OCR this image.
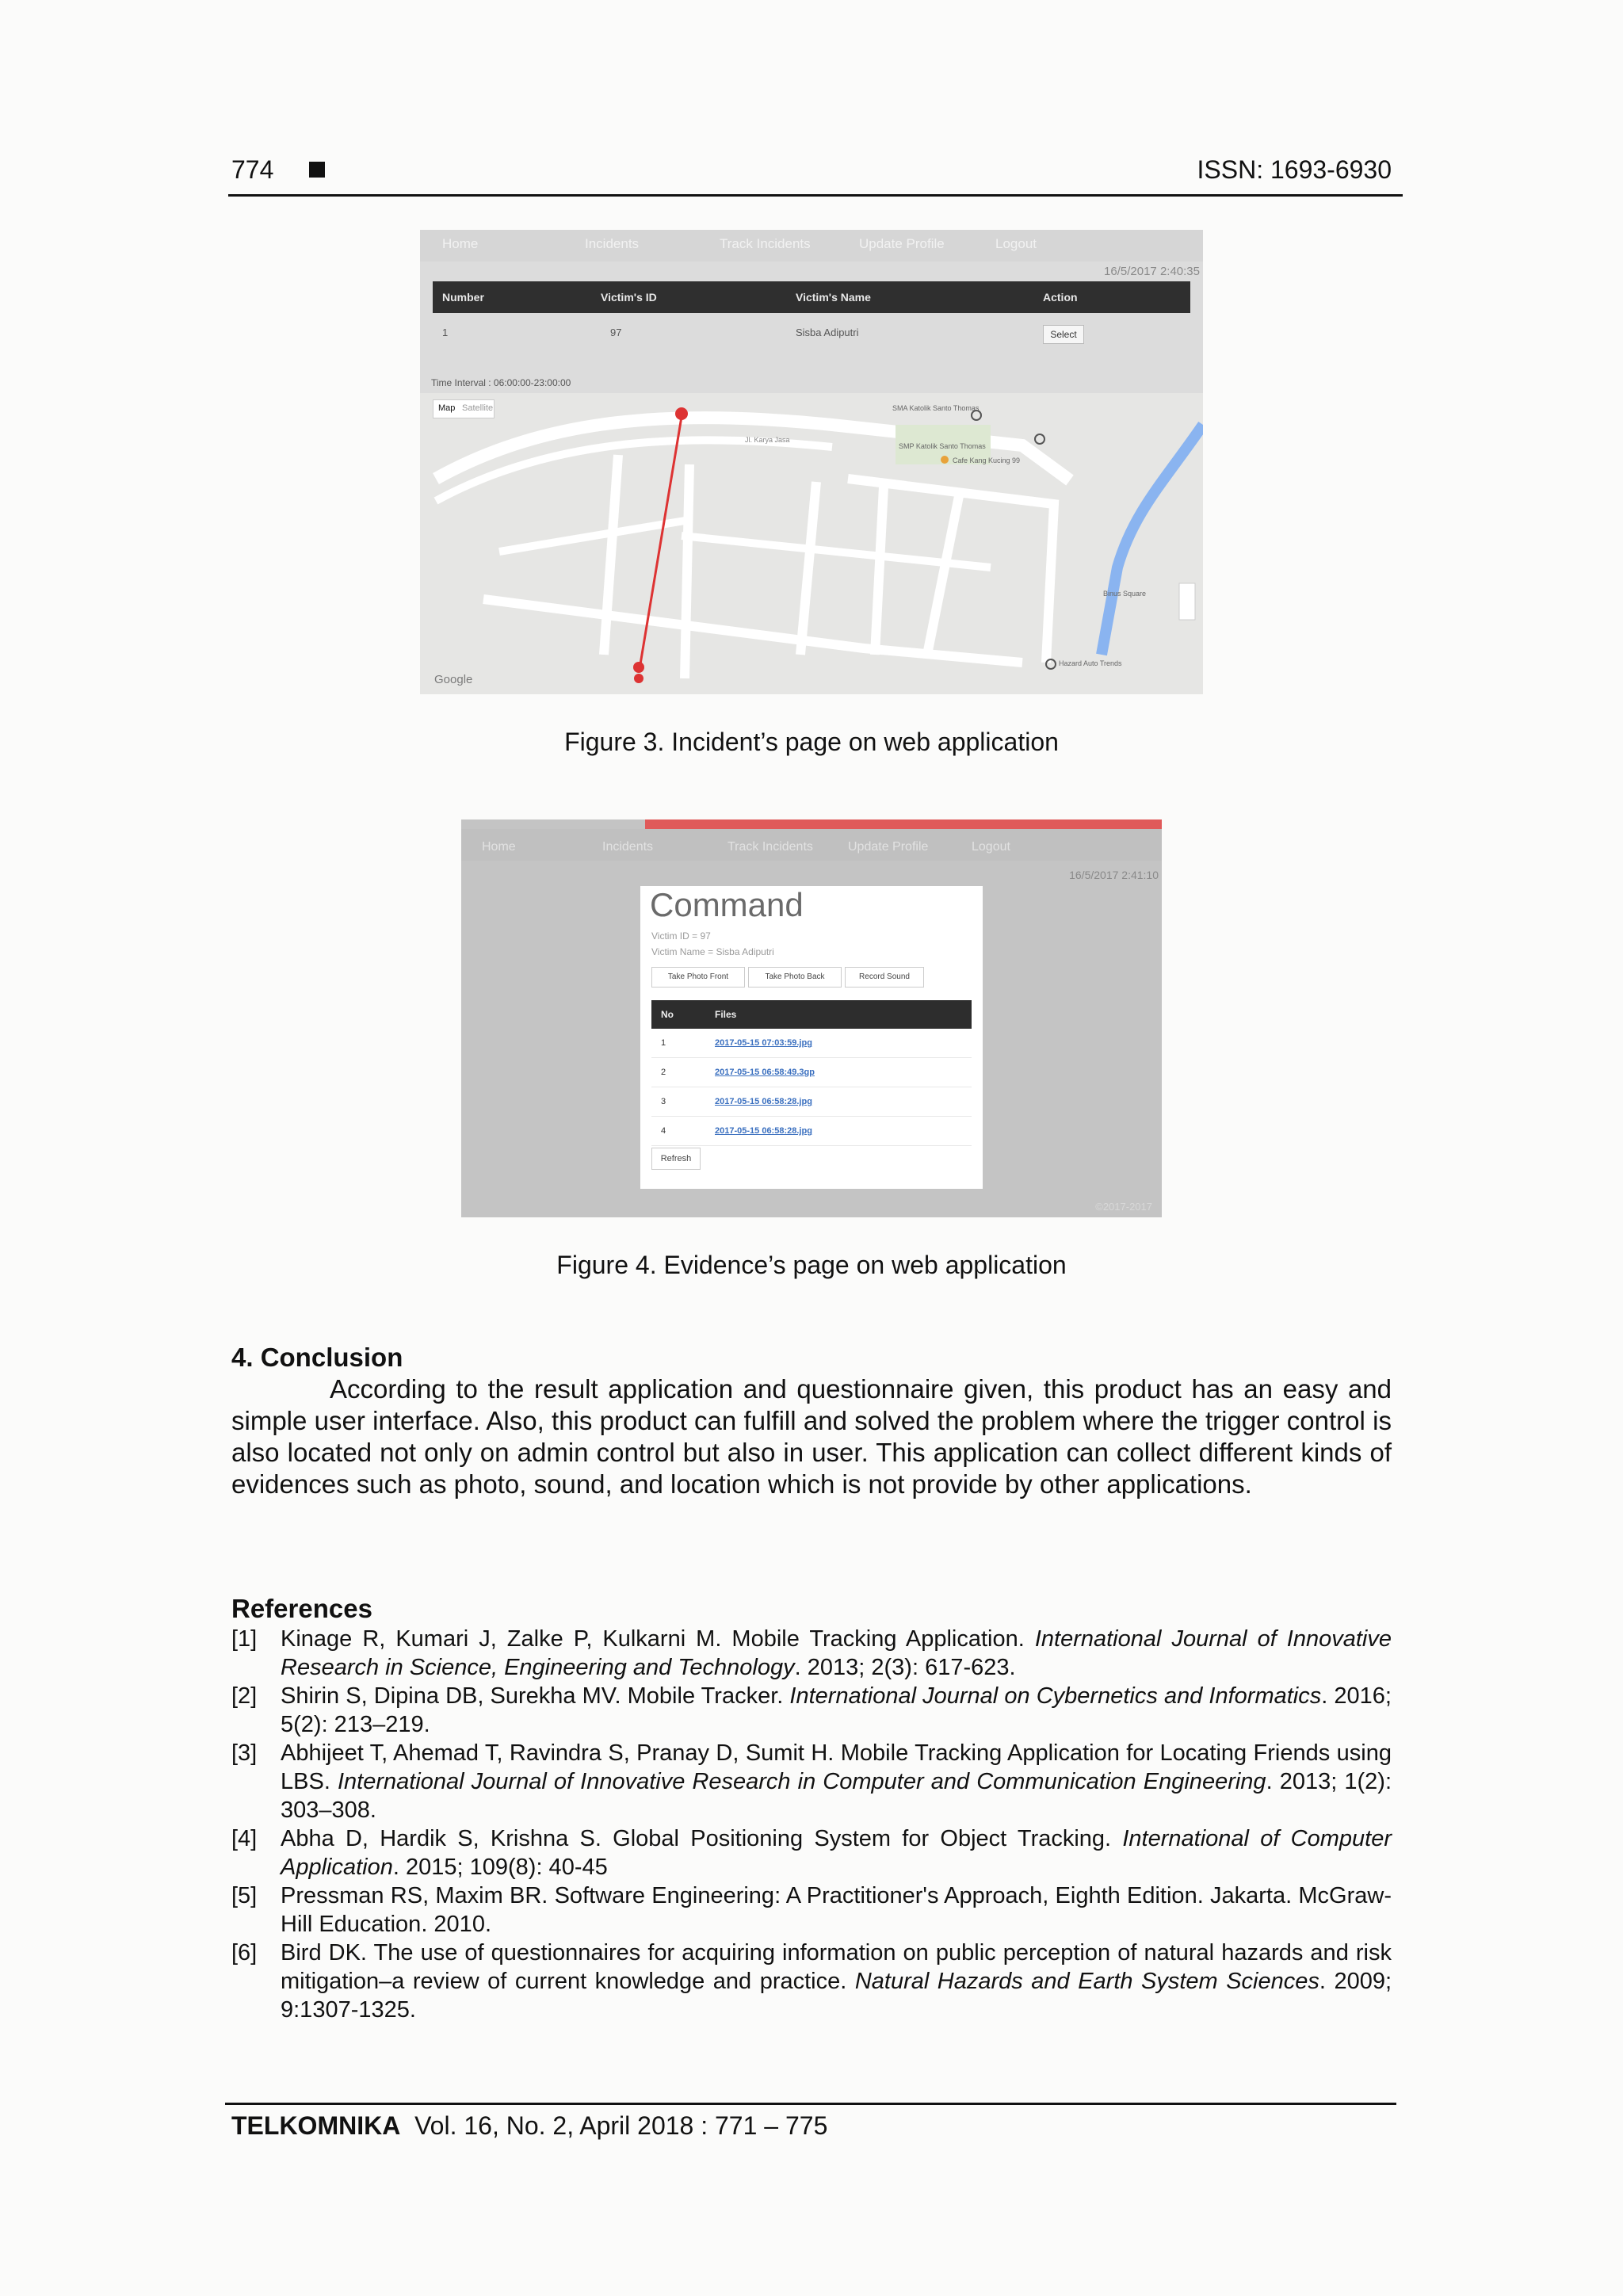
774	ISSN: 1693-6930
Home	Incidents	Track Incidents	Update Profile	Logout
16/5/2017 2:40:35
Number	Victim's ID	Victim's Name	Action
1	97	Sisba Adiputri	Select
Time Interval : 06:00:00-23:00:00
Map Satellite	SMA Katolik Santo Thomas
SMP Katolik Santo Thomas
Cafe Kang Kucing 99
Jl. Karya Jasa
Hazard Auto Trends
Binus Square
Google
Figure 3. Incident’s page on web application
Home	Incidents	Track Incidents	Update Profile	Logout
16/5/2017 2:41:10
Command
Victim ID = 97
Victim Name = Sisba Adiputri
Take Photo Front	Take Photo Back	Record Sound
No	Files
1	2017-05-15 07:03:59.jpg
2	2017-05-15 06:58:49.3gp
3	2017-05-15 06:58:28.jpg
4	2017-05-15 06:58:28.jpg
Refresh
©2017-2017
Figure 4. Evidence’s page on web application
4. Conclusion
According to the result application and questionnaire given, this product has an easy and simple user interface. Also, this product can fulfill and solved the problem where the trigger control is also located not only on admin control but also in user. This application can collect different kinds of evidences such as photo, sound, and location which is not provide by other applications.
References
[1] Kinage R, Kumari J, Zalke P, Kulkarni M. Mobile Tracking Application. International Journal of Innovative Research in Science, Engineering and Technology. 2013; 2(3): 617-623.
[2] Shirin S, Dipina DB, Surekha MV. Mobile Tracker. International Journal on Cybernetics and Informatics. 2016; 5(2): 213–219.
[3] Abhijeet T, Ahemad T, Ravindra S, Pranay D, Sumit H. Mobile Tracking Application for Locating Friends using LBS. International Journal of Innovative Research in Computer and Communication Engineering. 2013; 1(2): 303–308.
[4] Abha D, Hardik S, Krishna S. Global Positioning System for Object Tracking. International of Computer Application. 2015; 109(8): 40-45
[5] Pressman RS, Maxim BR. Software Engineering: A Practitioner's Approach, Eighth Edition. Jakarta. McGraw-Hill Education. 2010.
[6] Bird DK. The use of questionnaires for acquiring information on public perception of natural hazards and risk mitigation–a review of current knowledge and practice. Natural Hazards and Earth System Sciences. 2009; 9:1307-1325.
TELKOMNIKA Vol. 16, No. 2, April 2018 : 771 – 775
